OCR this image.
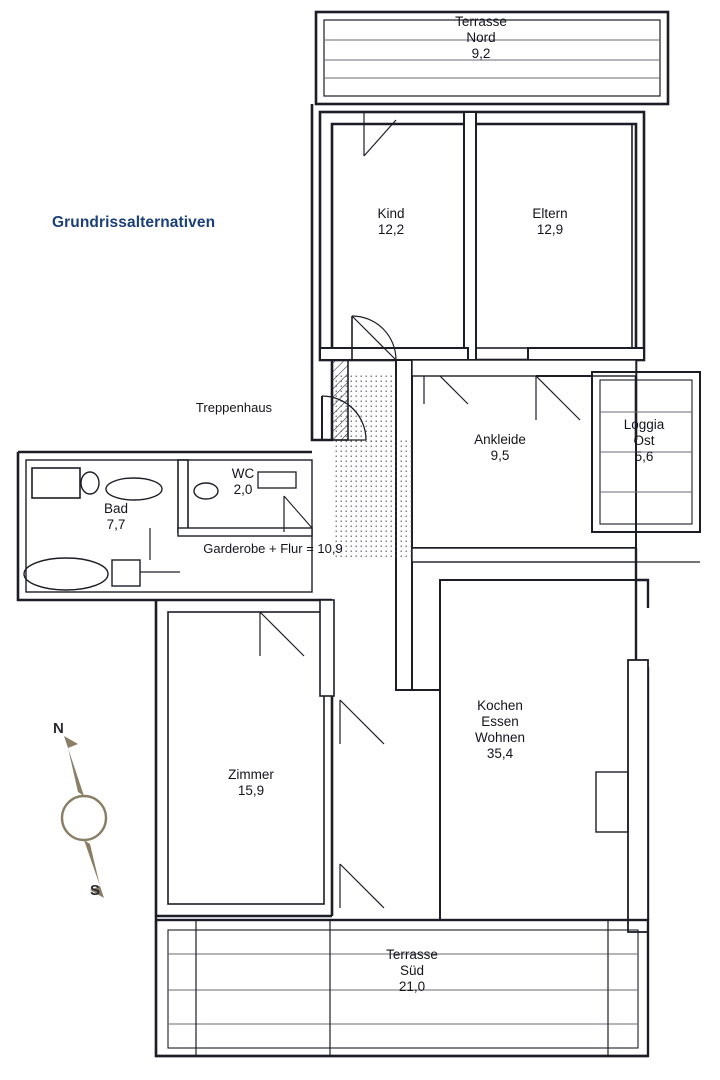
Grundrissalternativen
N
S
Treppenhaus
Garderobe + Flur = 10,9
Terrasse
Nord
9,2
Kind
12,2
Eltern
12,9
Ankleide
9,5
Loggia
Ost
5,6
Bad
7,7
WC
2,0
Zimmer
15,9
Kochen
Essen
Wohnen
35,4
Terrasse
Süd
21,0
